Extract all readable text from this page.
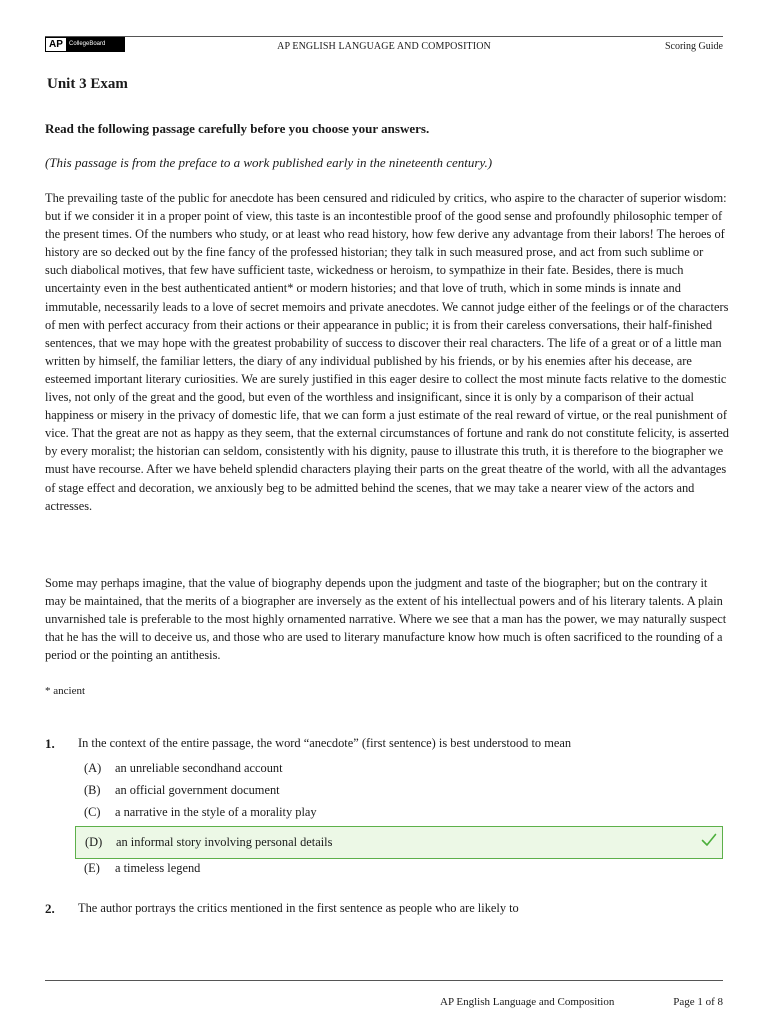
AP	CollegeBoard	AP ENGLISH LANGUAGE AND COMPOSITION	Scoring Guide
Unit 3 Exam
Read the following passage carefully before you choose your answers.
(This passage is from the preface to a work published early in the nineteenth century.)

The prevailing taste of the public for anecdote has been censured and ridiculed by critics, who aspire to the character of superior wisdom: but if we consider it in a proper point of view, this taste is an incontestible proof of the good sense and profoundly philosophic temper of the present times. Of the numbers who study, or at least who read history, how few derive any advantage from their labors! The heroes of history are so decked out by the fine fancy of the professed historian; they talk in such measured prose, and act from such sublime or such diabolical motives, that few have sufficient taste, wickedness or heroism, to sympathize in their fate. Besides, there is much uncertainty even in the best authenticated antient* or modern histories; and that love of truth, which in some minds is innate and immutable, necessarily leads to a love of secret memoirs and private anecdotes. We cannot judge either of the feelings or of the characters of men with perfect accuracy from their actions or their appearance in public; it is from their careless conversations, their half-finished sentences, that we may hope with the greatest probability of success to discover their real characters. The life of a great or of a little man written by himself, the familiar letters, the diary of any individual published by his friends, or by his enemies after his decease, are esteemed important literary curiosities. We are surely justified in this eager desire to collect the most minute facts relative to the domestic lives, not only of the great and the good, but even of the worthless and insignificant, since it is only by a comparison of their actual happiness or misery in the privacy of domestic life, that we can form a just estimate of the real reward of virtue, or the real punishment of vice. That the great are not as happy as they seem, that the external circumstances of fortune and rank do not constitute felicity, is asserted by every moralist; the historian can seldom, consistently with his dignity, pause to illustrate this truth, it is therefore to the biographer we must have recourse. After we have beheld splendid characters playing their parts on the great theatre of the world, with all the advantages of stage effect and decoration, we anxiously beg to be admitted behind the scenes, that we may take a nearer view of the actors and actresses.

Some may perhaps imagine, that the value of biography depends upon the judgment and taste of the biographer; but on the contrary it may be maintained, that the merits of a biographer are inversely as the extent of his intellectual powers and of his literary talents. A plain unvarnished tale is preferable to the most highly ornamented narrative. Where we see that a man has the power, we may naturally suspect that he has the will to deceive us, and those who are used to literary manufacture know how much is often sacrificed to the rounding of a period or the pointing an antithesis.

* ancient
1. In the context of the entire passage, the word “anecdote” (first sentence) is best understood to mean
(A)	an unreliable secondhand account
(B)	an official government document
(C)	a narrative in the style of a morality play
(D)	an informal story involving personal details
(E)	a timeless legend
2. The author portrays the critics mentioned in the first sentence as people who are likely to
AP English Language and Composition	Page 1 of 8
